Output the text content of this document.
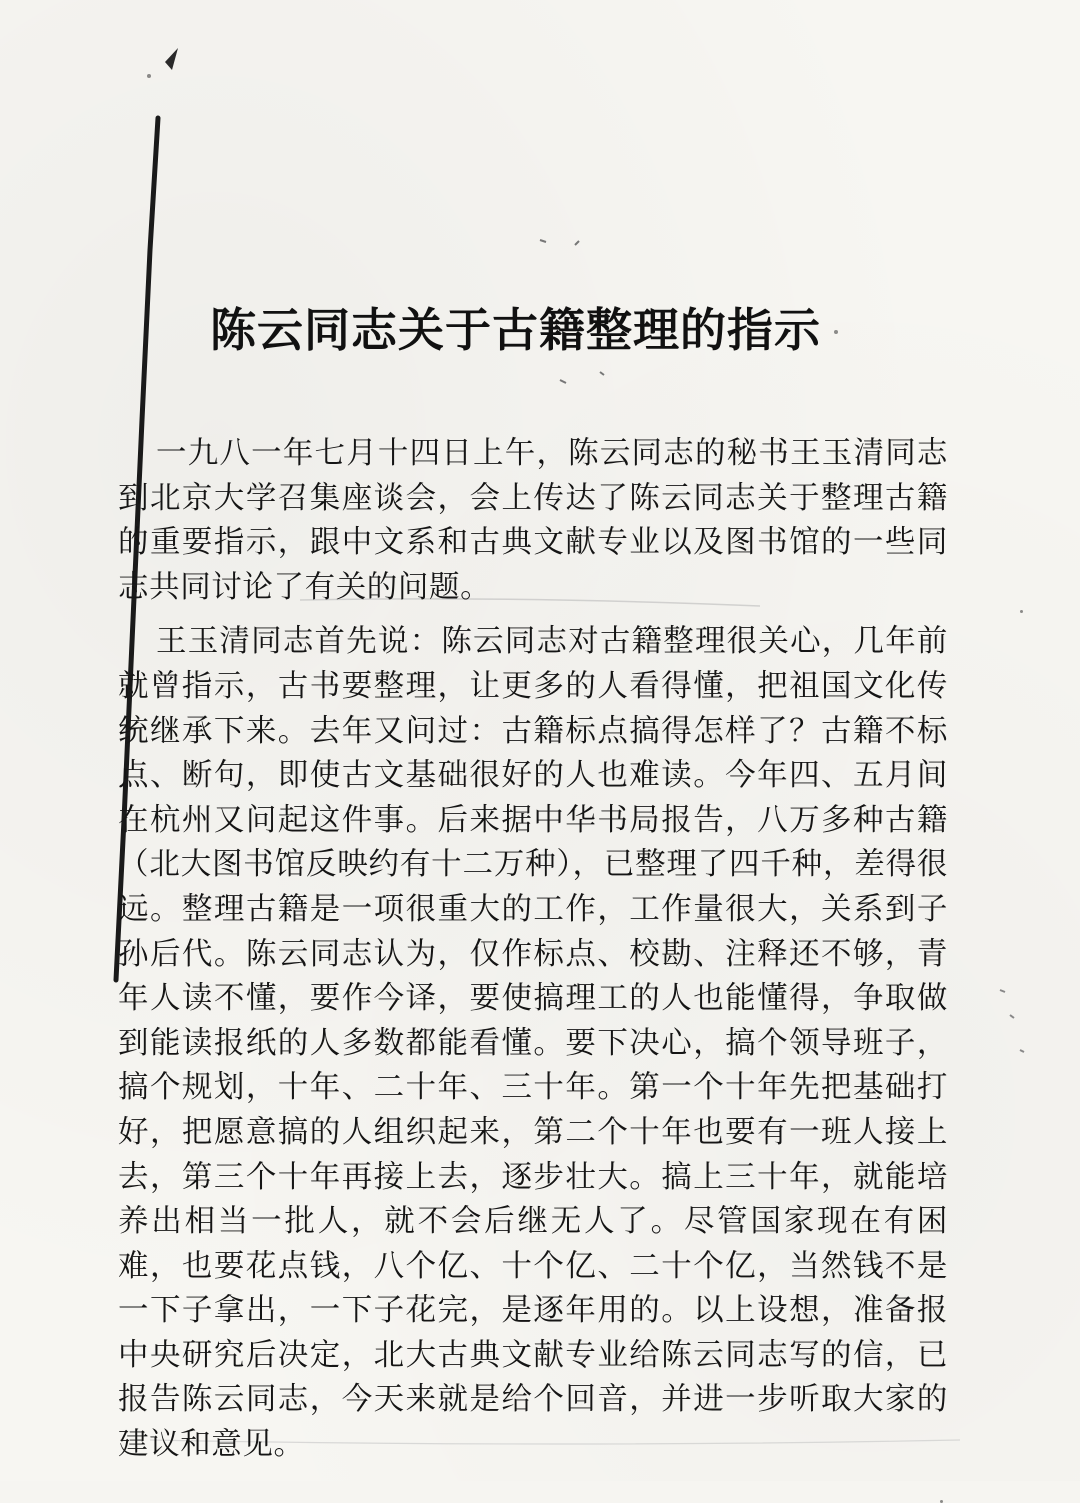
陈云同志关于古籍整理的指示

一九八一年七月十四日上午，陈云同志的秘书王玉清同志到北京大学召集座谈会，会上传达了陈云同志关于整理古籍的重要指示，跟中文系和古典文献专业以及图书馆的一些同志共同讨论了有关的问题。

王玉清同志首先说：陈云同志对古籍整理很关心，几年前就曾指示，古书要整理，让更多的人看得懂，把祖国文化传统继承下来。去年又问过：古籍标点搞得怎样了？古籍不标点、断句，即使古文基础很好的人也难读。今年四、五月间在杭州又问起这件事。后来据中华书局报告，八万多种古籍（北大图书馆反映约有十二万种），已整理了四千种，差得很远。整理古籍是一项很重大的工作，工作量很大，关系到子孙后代。陈云同志认为，仅作标点、校勘、注释还不够，青年人读不懂，要作今译，要使搞理工的人也能懂得，争取做到能读报纸的人多数都能看懂。要下决心，搞个领导班子，搞个规划，十年、二十年、三十年。第一个十年先把基础打好，把愿意搞的人组织起来，第二个十年也要有一班人接上去，第三个十年再接上去，逐步壮大。搞上三十年，就能培养出相当一批人，就不会后继无人了。尽管国家现在有困难，也要花点钱，八个亿、十个亿、二十个亿，当然钱不是一下子拿出，一下子花完，是逐年用的。以上设想，准备报中央研究后决定，北大古典文献专业给陈云同志写的信，已报告陈云同志，今天来就是给个回音，并进一步听取大家的建议和意见。
